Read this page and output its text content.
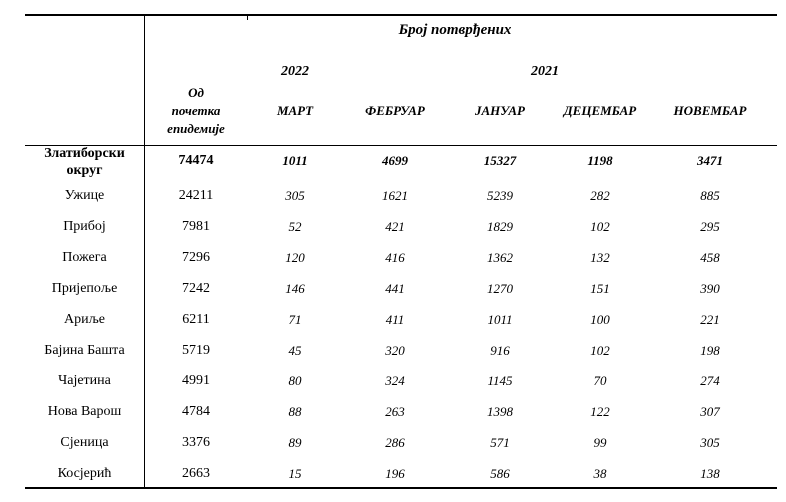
Број потврђених
2022	2021
Од
почетка
епидемије
МАРТ	ФЕБРУАР	ЈАНУАР	ДЕЦЕМБАР	НОВЕМБАР
Златиборски
округ
74474	1011	4699	15327	1198	3471
Ужице	24211	305	1621	5239	282	885
Прибој	7981	52	421	1829	102	295
Пожега	7296	120	416	1362	132	458
Пријепоље	7242	146	441	1270	151	390
Ариље	6211	71	411	1011	100	221
Бајина Башта	5719	45	320	916	102	198
Чајетина	4991	80	324	1145	70	274
Нова Варош	4784	88	263	1398	122	307
Сјеница	3376	89	286	571	99	305
Косјерић	2663	15	196	586	38	138
